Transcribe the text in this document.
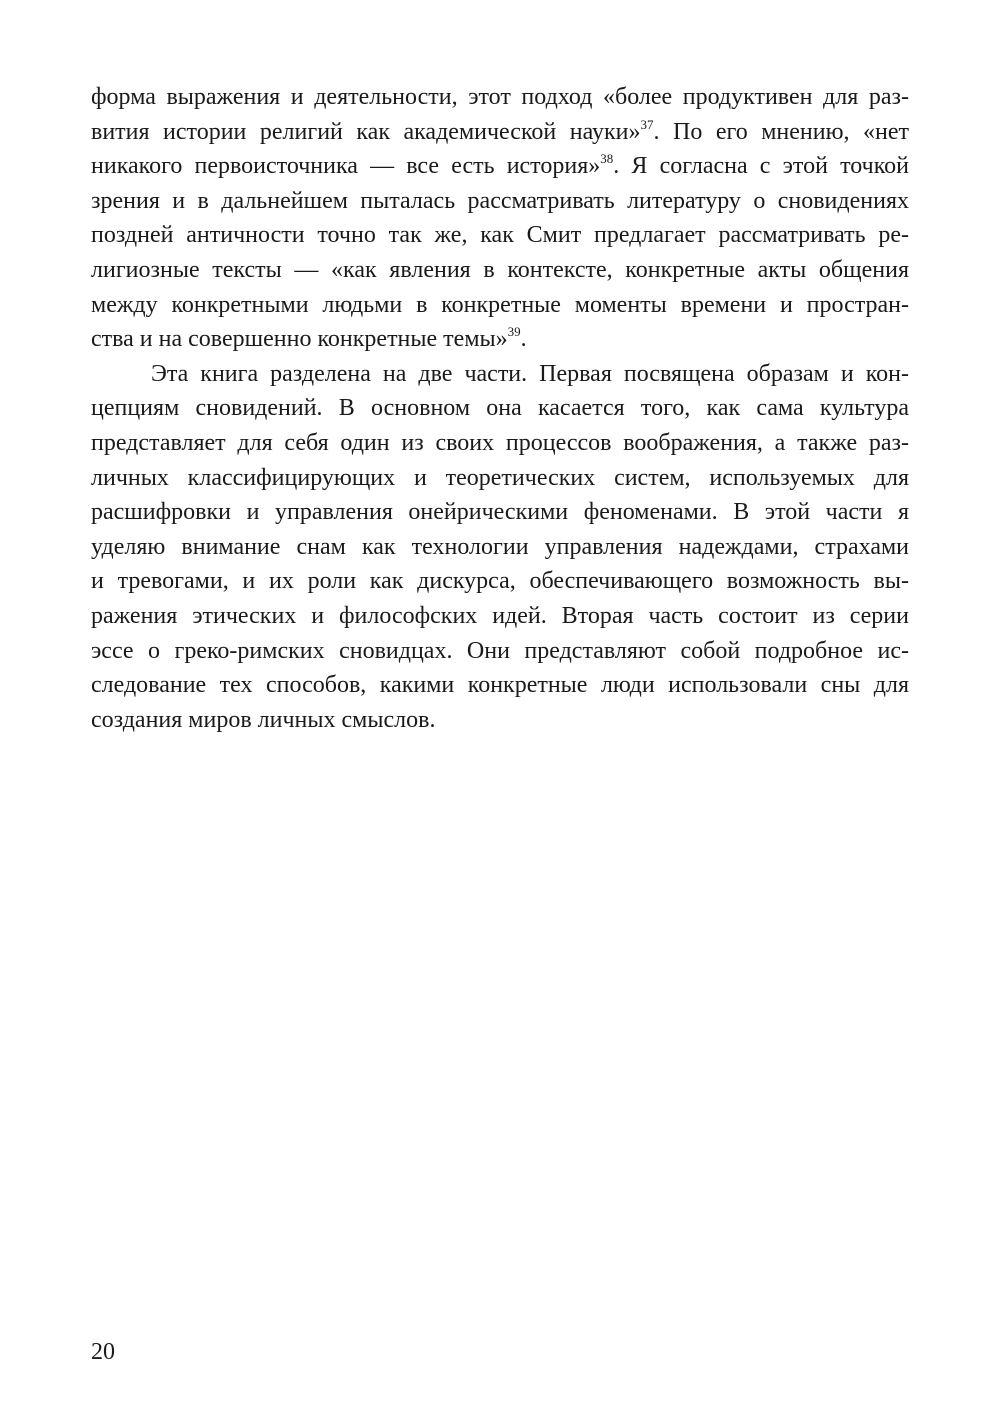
форма выражения и деятельности, этот подход «более продуктивен для раз-
вития истории религий как академической науки»$^{37}$. По его мнению, «нет
никакого первоисточника — все есть история»$^{38}$. Я согласна с этой точкой
зрения и в дальнейшем пыталась рассматривать литературу о сновидениях
поздней античности точно так же, как Смит предлагает рассматривать ре-
лигиозные тексты — «как явления в контексте, конкретные акты общения
между конкретными людьми в конкретные моменты времени и простран-
ства и на совершенно конкретные темы»$^{39}$.
Эта книга разделена на две части. Первая посвящена образам и кон-
цепциям сновидений. В основном она касается того, как сама культура
представляет для себя один из своих процессов воображения, а также раз-
личных классифицирующих и теоретических систем, используемых для
расшифровки и управления онейрическими феноменами. В этой части я
уделяю внимание снам как технологии управления надеждами, страхами
и тревогами, и их роли как дискурса, обеспечивающего возможность вы-
ражения этических и философских идей. Вторая часть состоит из серии
эссе о греко-римских сновидцах. Они представляют собой подробное ис-
следование тех способов, какими конкретные люди использовали сны для
создания миров личных смыслов.
20
